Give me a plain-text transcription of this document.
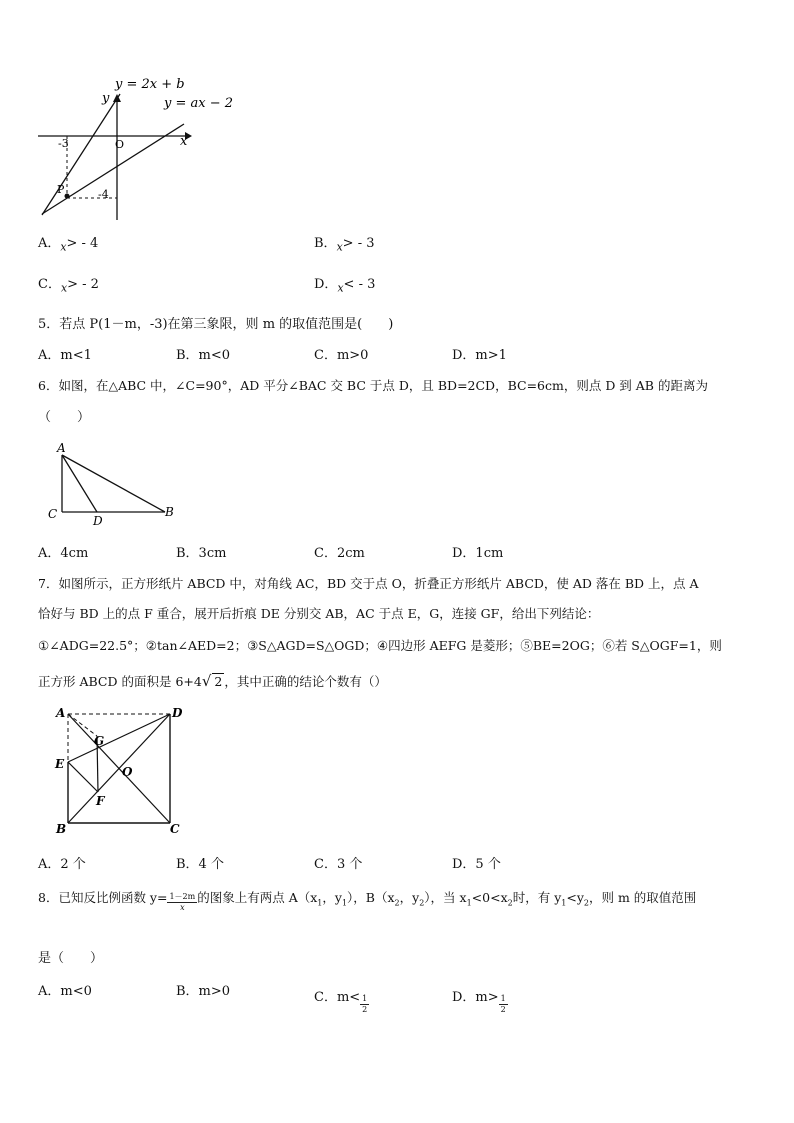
y = 2x + b
y = ax − 2
y
x
O
-3
-4
P
A．$_x$> - 4	B．$_x$> - 3
C．$_x$> - 2	D．$_x$< - 3
5．若点 P(1－m，-3)在第三象限，则 m 的取值范围是(　　)
A．m<1	B．m<0	C．m>0	D．m>1
6．如图，在△ABC 中，∠C=90°，AD 平分∠BAC 交 BC 于点 D，且 BD=2CD，BC=6cm，则点 D 到 AB 的距离为
（　　）
A
C	D
B
A．4cm	B．3cm	C．2cm	D．1cm
7．如图所示，正方形纸片 ABCD 中，对角线 AC，BD 交于点 O，折叠正方形纸片 ABCD，使 AD 落在 BD 上，点 A
恰好与 BD 上的点 F 重合，展开后折痕 DE 分别交 AB，AC 于点 E，G，连接 GF，给出下列结论：
①∠ADG=22.5°；②tan∠AED=2；③S△AGD=S△OGD；④四边形 AEFG 是菱形；⑤BE=2OG；⑥若 S△OGF=1，则
正方形 ABCD 的面积是 6+4√ 2 ，其中正确的结论个数有（）
A	D
G
E
O
F
B	C
A．2 个	B．4 个	C．3 个	D．5 个
8．已知反比例函数 $y= \frac{1-2m}{x}$ 的图象上有两点 $A(x_1$，$y_1$），$B(x_2$，$y_2$），当 $x_1<0<x_2$时，有 $y_1<y_2$，则 m 的取值范围
是（　　）
A．m<0	B．m>0	C．$m< \frac{1}{2}$	D．$m> \frac{1}{2}$
